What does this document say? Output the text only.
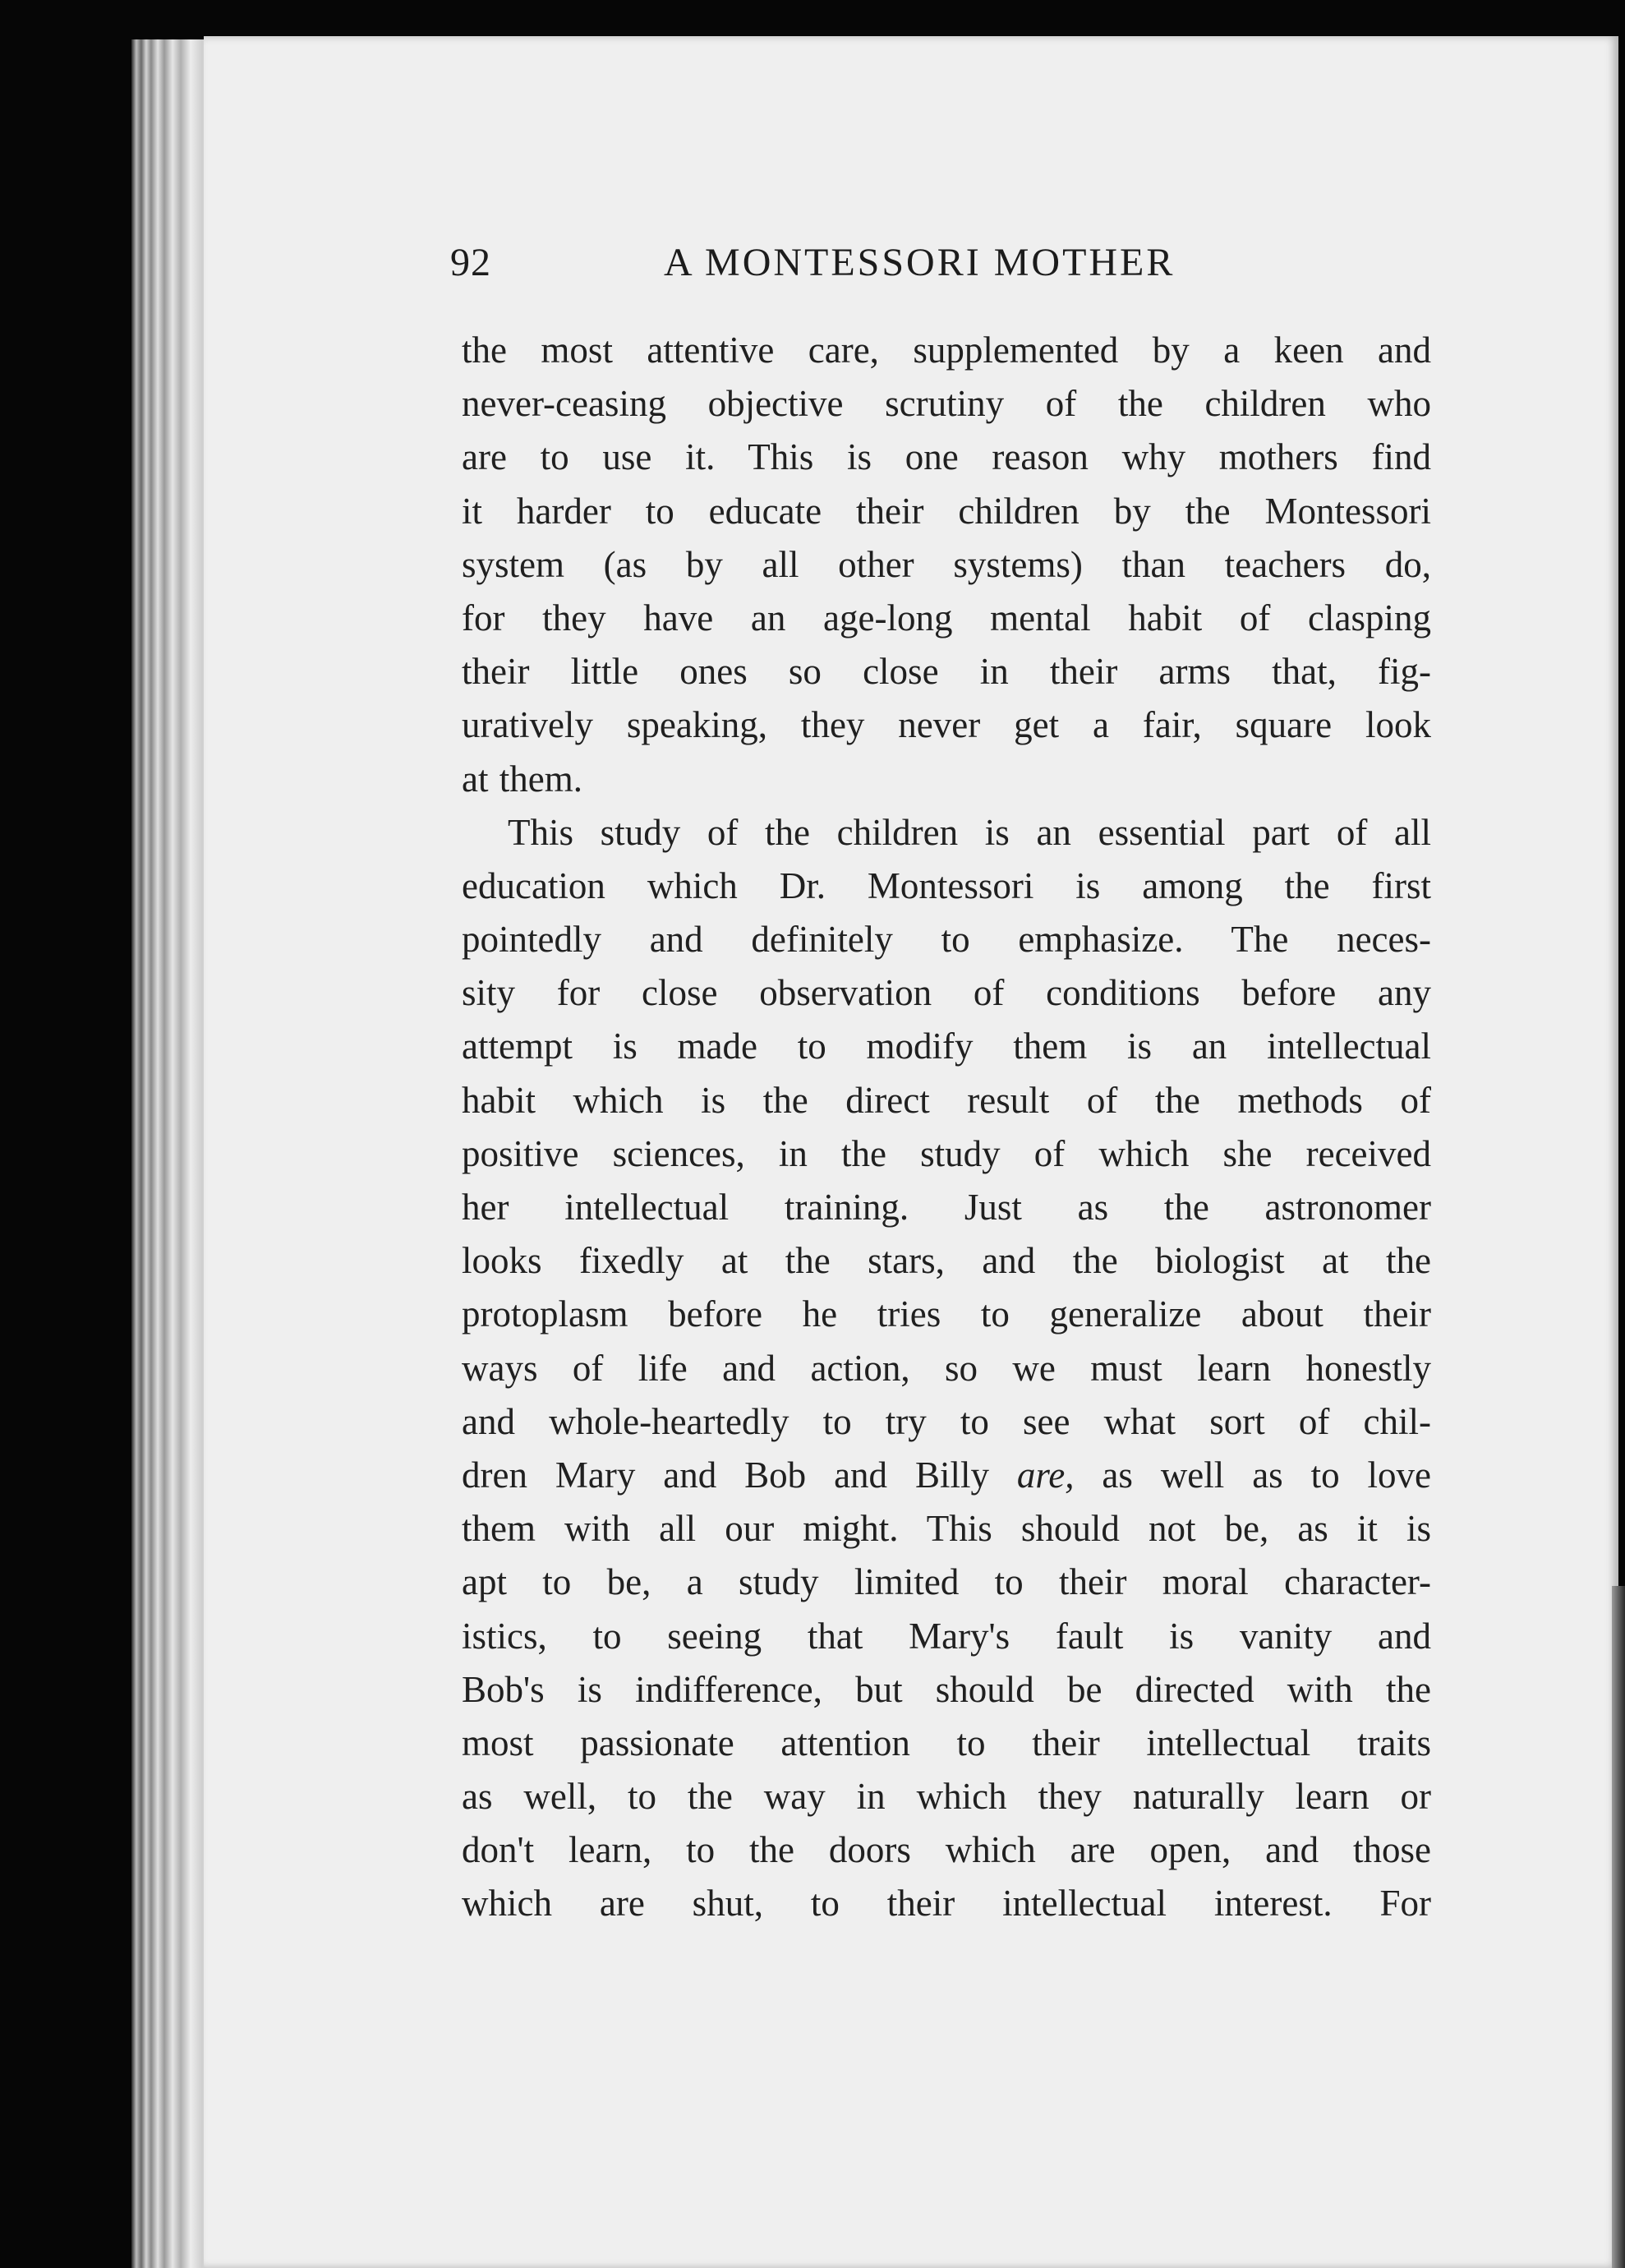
92	A MONTESSORI MOTHER
the most attentive care, supplemented by a keen and
never-ceasing objective scrutiny of the children who
are to use it. This is one reason why mothers find
it harder to educate their children by the Montessori
system (as by all other systems) than teachers do,
for they have an age-long mental habit of clasping
their little ones so close in their arms that, fig-
uratively speaking, they never get a fair, square look
at them.
This study of the children is an essential part of all
education which Dr. Montessori is among the first
pointedly and definitely to emphasize. The neces-
sity for close observation of conditions before any
attempt is made to modify them is an intellectual
habit which is the direct result of the methods of
positive sciences, in the study of which she received
her intellectual training. Just as the astronomer
looks fixedly at the stars, and the biologist at the
protoplasm before he tries to generalize about their
ways of life and action, so we must learn honestly
and whole-heartedly to try to see what sort of chil-
dren Mary and Bob and Billy are, as well as to love
them with all our might. This should not be, as it is
apt to be, a study limited to their moral character-
istics, to seeing that Mary's fault is vanity and
Bob's is indifference, but should be directed with the
most passionate attention to their intellectual traits
as well, to the way in which they naturally learn or
don't learn, to the doors which are open, and those
which are shut, to their intellectual interest. For
